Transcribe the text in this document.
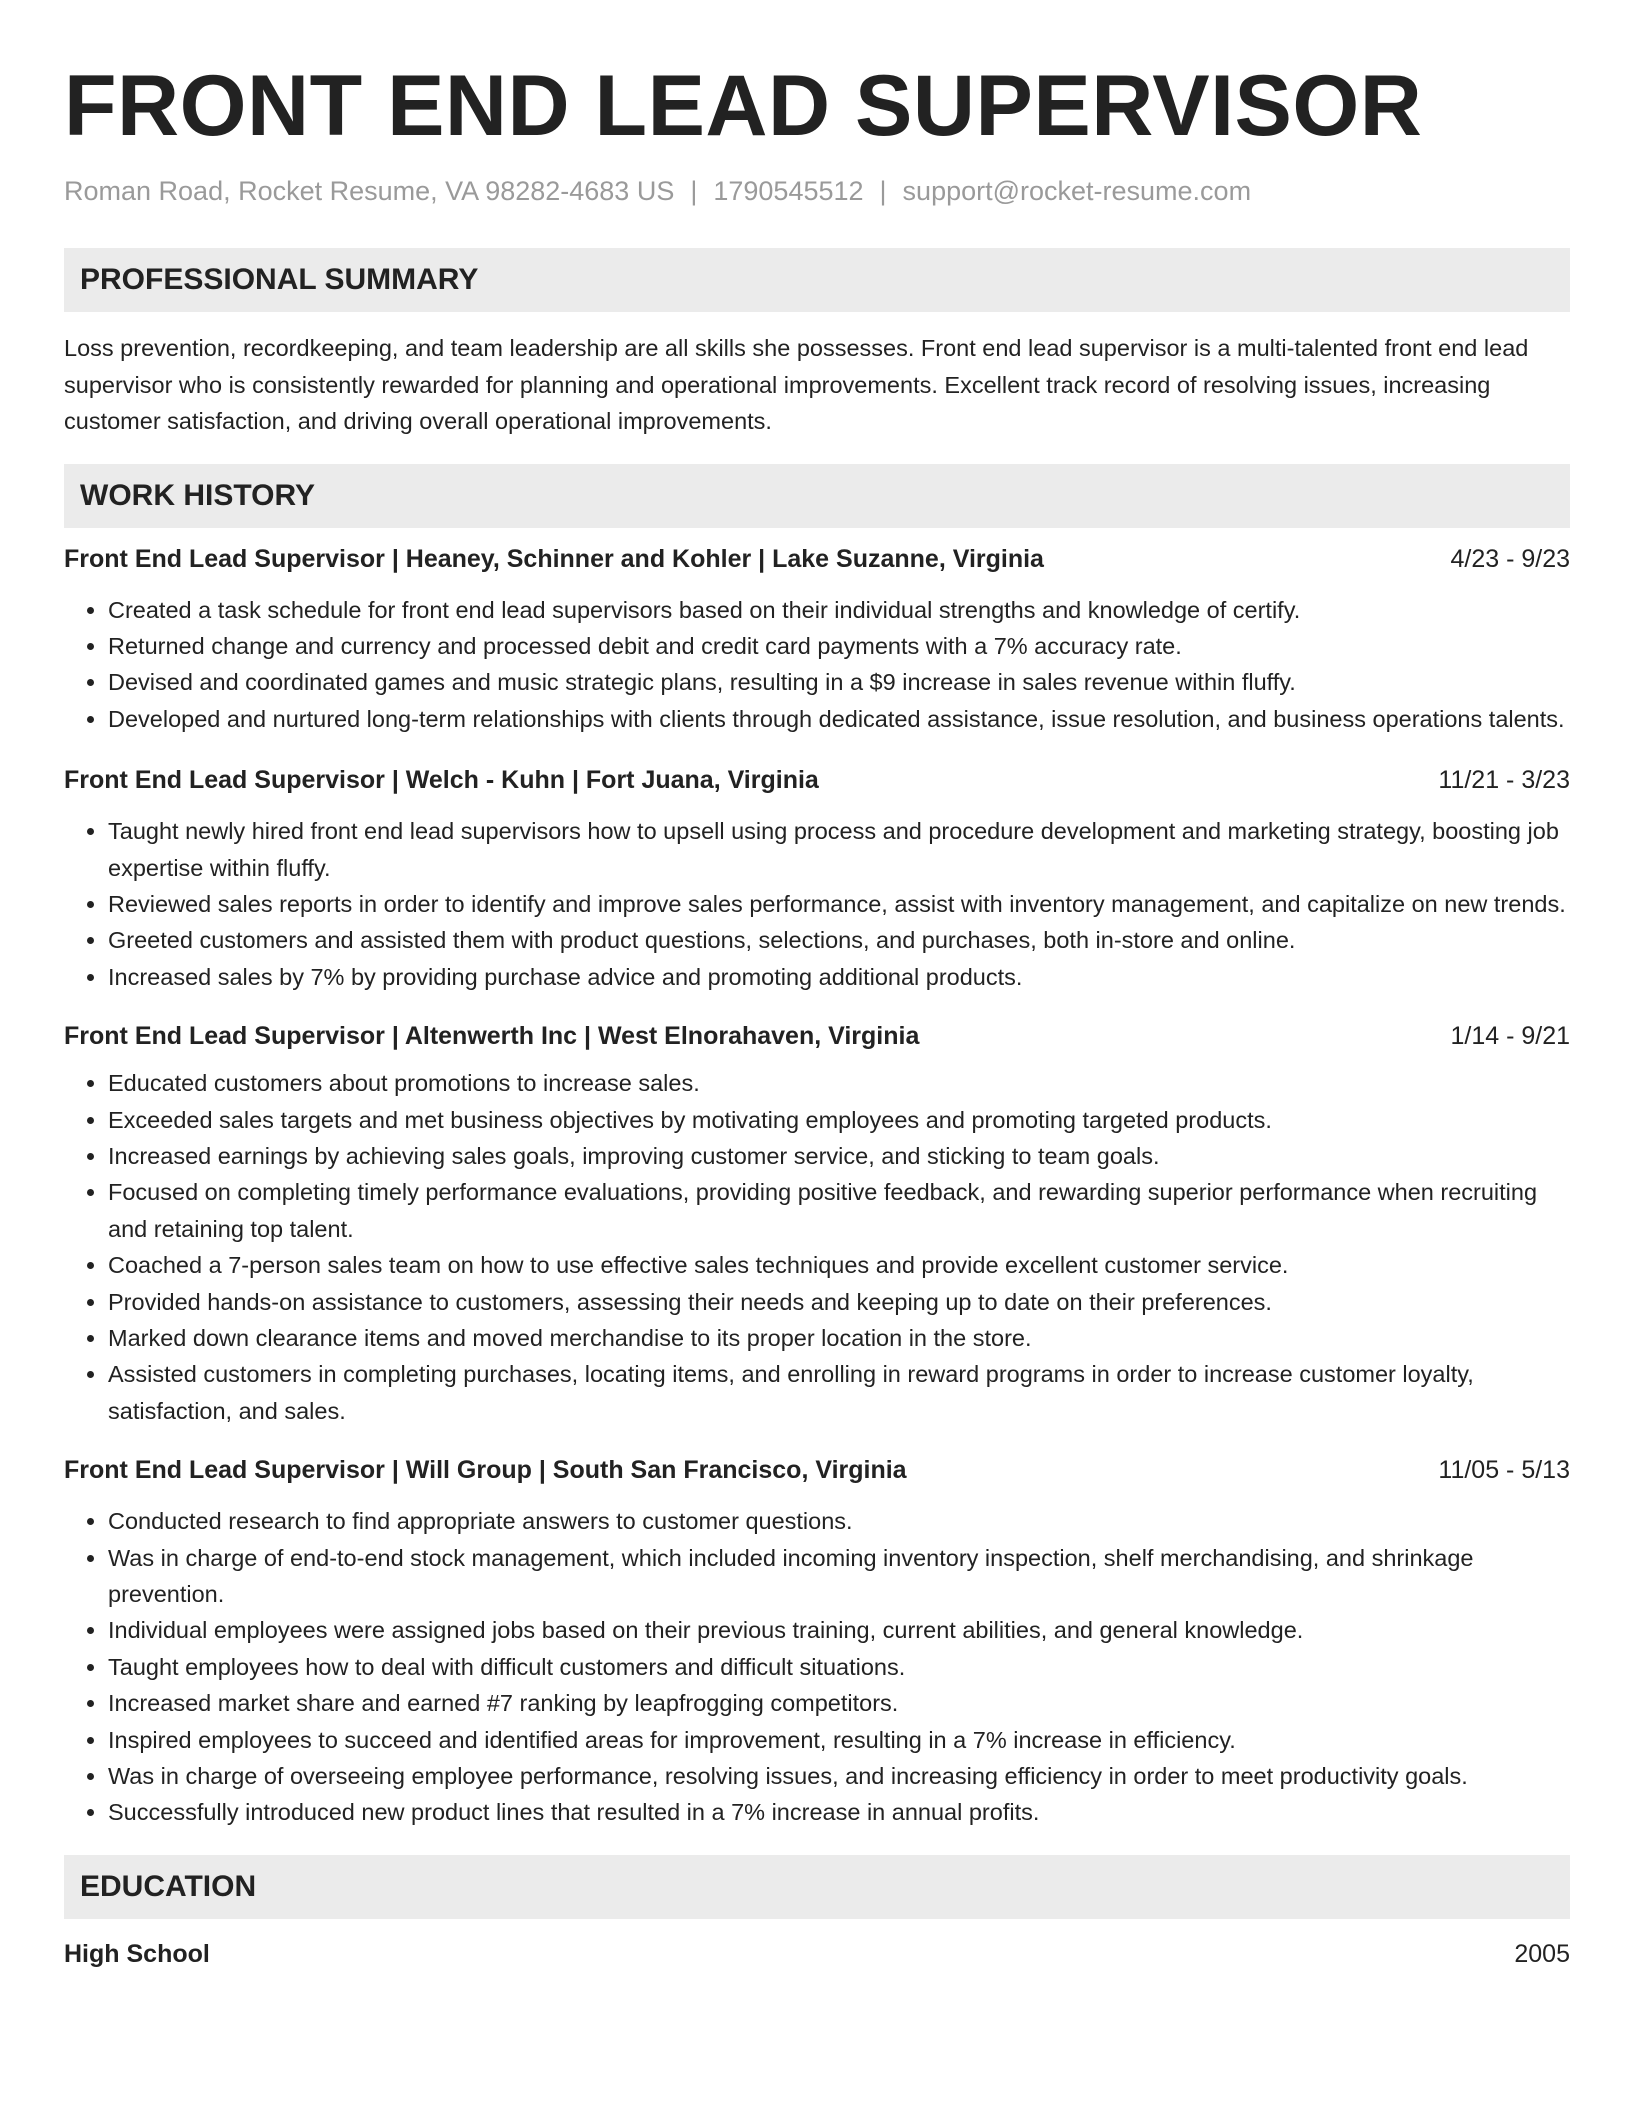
FRONT END LEAD SUPERVISOR
Roman Road, Rocket Resume, VA 98282-4683 US | 1790545512 | support@rocket-resume.com
PROFESSIONAL SUMMARY
Loss prevention, recordkeeping, and team leadership are all skills she possesses. Front end lead supervisor is a multi-talented front end lead supervisor who is consistently rewarded for planning and operational improvements. Excellent track record of resolving issues, increasing customer satisfaction, and driving overall operational improvements.
WORK HISTORY
Front End Lead Supervisor | Heaney, Schinner and Kohler | Lake Suzanne, Virginia	4/23 - 9/23
• Created a task schedule for front end lead supervisors based on their individual strengths and knowledge of certify.
• Returned change and currency and processed debit and credit card payments with a 7% accuracy rate.
• Devised and coordinated games and music strategic plans, resulting in a $9 increase in sales revenue within fluffy.
• Developed and nurtured long-term relationships with clients through dedicated assistance, issue resolution, and business operations talents.
Front End Lead Supervisor | Welch - Kuhn | Fort Juana, Virginia	11/21 - 3/23
• Taught newly hired front end lead supervisors how to upsell using process and procedure development and marketing strategy, boosting job expertise within fluffy.
• Reviewed sales reports in order to identify and improve sales performance, assist with inventory management, and capitalize on new trends.
• Greeted customers and assisted them with product questions, selections, and purchases, both in-store and online.
• Increased sales by 7% by providing purchase advice and promoting additional products.
Front End Lead Supervisor | Altenwerth Inc | West Elnorahaven, Virginia	1/14 - 9/21
• Educated customers about promotions to increase sales.
• Exceeded sales targets and met business objectives by motivating employees and promoting targeted products.
• Increased earnings by achieving sales goals, improving customer service, and sticking to team goals.
• Focused on completing timely performance evaluations, providing positive feedback, and rewarding superior performance when recruiting and retaining top talent.
• Coached a 7-person sales team on how to use effective sales techniques and provide excellent customer service.
• Provided hands-on assistance to customers, assessing their needs and keeping up to date on their preferences.
• Marked down clearance items and moved merchandise to its proper location in the store.
• Assisted customers in completing purchases, locating items, and enrolling in reward programs in order to increase customer loyalty, satisfaction, and sales.
Front End Lead Supervisor | Will Group | South San Francisco, Virginia	11/05 - 5/13
• Conducted research to find appropriate answers to customer questions.
• Was in charge of end-to-end stock management, which included incoming inventory inspection, shelf merchandising, and shrinkage prevention.
• Individual employees were assigned jobs based on their previous training, current abilities, and general knowledge.
• Taught employees how to deal with difficult customers and difficult situations.
• Increased market share and earned #7 ranking by leapfrogging competitors.
• Inspired employees to succeed and identified areas for improvement, resulting in a 7% increase in efficiency.
• Was in charge of overseeing employee performance, resolving issues, and increasing efficiency in order to meet productivity goals.
• Successfully introduced new product lines that resulted in a 7% increase in annual profits.
EDUCATION
High School	2005
